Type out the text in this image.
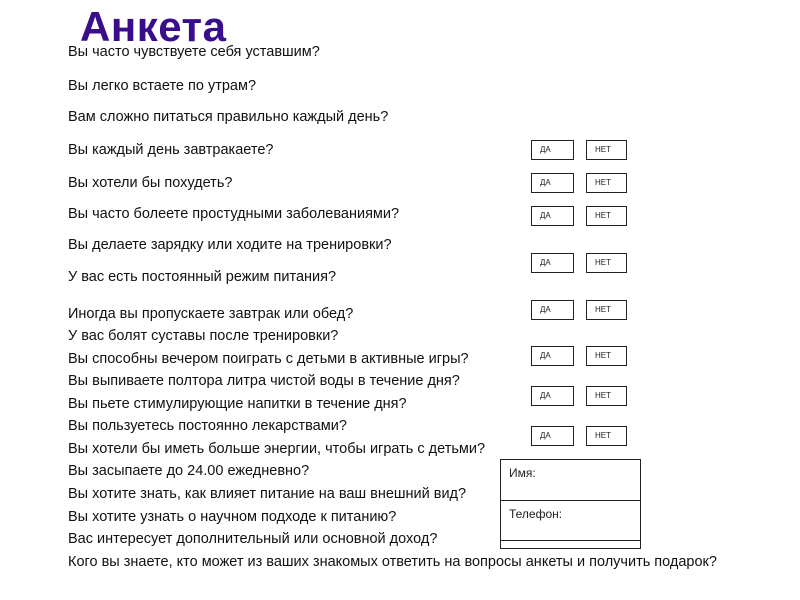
Анкета
Вы часто чувствуете себя уставшим?
Вы легко встаете по утрам?
Вам сложно питаться правильно каждый день?
Вы каждый день завтракаете?
Вы хотели бы похудеть?
Вы часто болеете простудными заболеваниями?
Вы делаете зарядку или ходите на тренировки?
У вас есть постоянный режим питания?
Иногда вы пропускаете завтрак или обед?
У вас болят суставы после тренировки?
Вы способны вечером поиграть с детьми в активные игры?
Вы выпиваете полтора литра чистой воды в течение дня?
Вы пьете стимулирующие напитки в течение дня?
Вы пользуетесь постоянно лекарствами?
Вы хотели бы иметь больше энергии, чтобы играть с детьми?
Вы засыпаете до 24.00 ежедневно?
Вы хотите знать, как влияет питание на ваш внешний вид?
Вы хотите узнать о научном подходе к питанию?
Вас интересует дополнительный или основной доход?
Кого вы знаете, кто может из ваших знакомых ответить на вопросы анкеты и получить подарок?
ДА	НЕТ
ДА	НЕТ
ДА	НЕТ
ДА	НЕТ
ДА	НЕТ
ДА	НЕТ
ДА	НЕТ
ДА	НЕТ
Имя:
Телефон:
